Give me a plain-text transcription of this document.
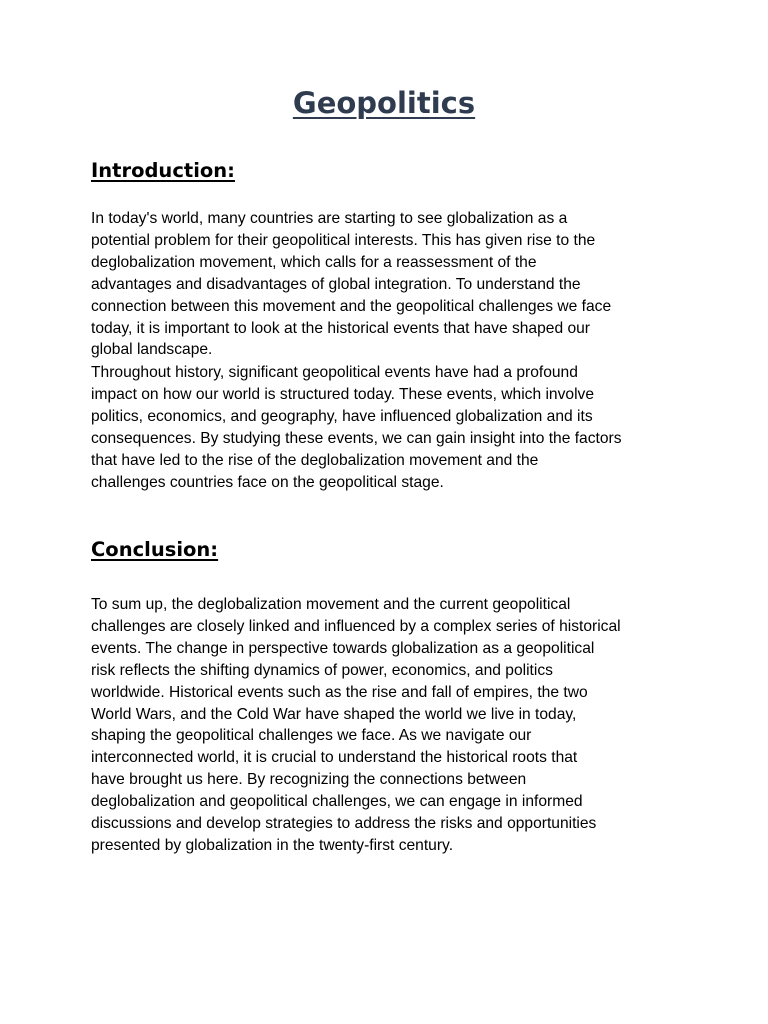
Geopolitics
Introduction:
In today's world, many countries are starting to see globalization as a
potential problem for their geopolitical interests. This has given rise to the
deglobalization movement, which calls for a reassessment of the
advantages and disadvantages of global integration. To understand the
connection between this movement and the geopolitical challenges we face
today, it is important to look at the historical events that have shaped our
global landscape.
Throughout history, significant geopolitical events have had a profound
impact on how our world is structured today. These events, which involve
politics, economics, and geography, have influenced globalization and its
consequences. By studying these events, we can gain insight into the factors
that have led to the rise of the deglobalization movement and the
challenges countries face on the geopolitical stage.
Conclusion:
To sum up, the deglobalization movement and the current geopolitical
challenges are closely linked and influenced by a complex series of historical
events. The change in perspective towards globalization as a geopolitical
risk reflects the shifting dynamics of power, economics, and politics
worldwide. Historical events such as the rise and fall of empires, the two
World Wars, and the Cold War have shaped the world we live in today,
shaping the geopolitical challenges we face. As we navigate our
interconnected world, it is crucial to understand the historical roots that
have brought us here. By recognizing the connections between
deglobalization and geopolitical challenges, we can engage in informed
discussions and develop strategies to address the risks and opportunities
presented by globalization in the twenty-first century.
